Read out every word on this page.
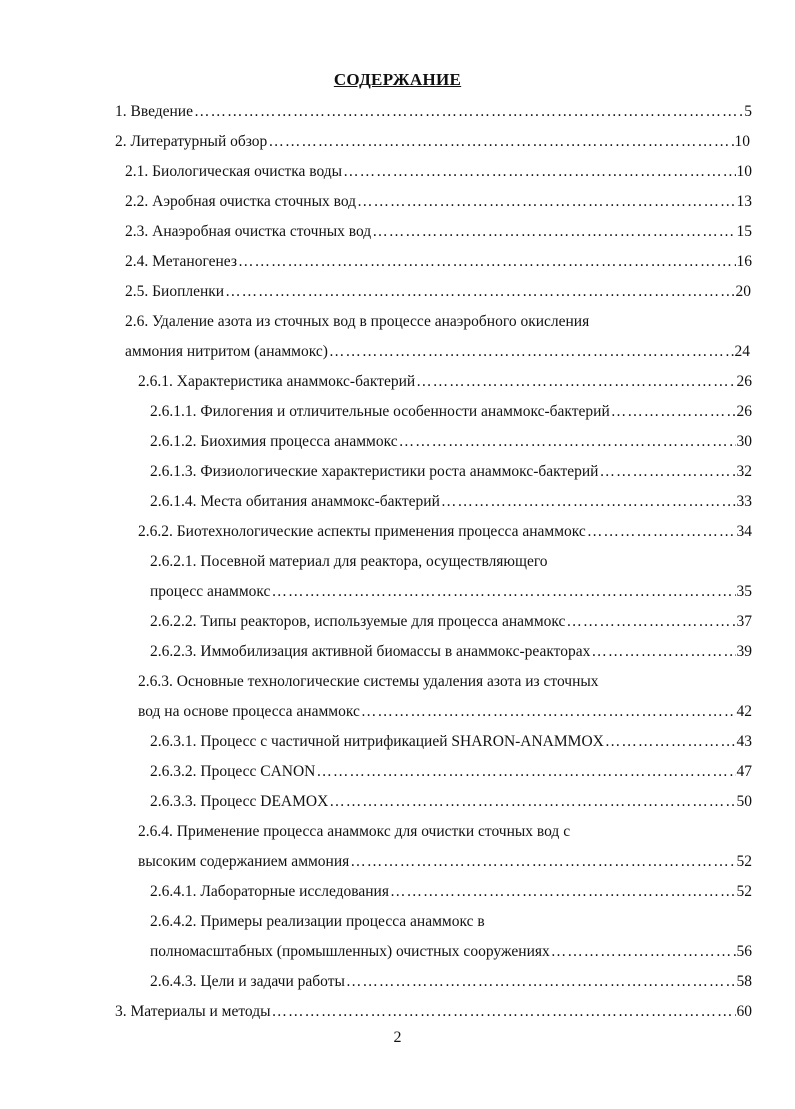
СОДЕРЖАНИЕ
1. Введение ……………………………………………………………………………………………………………………………………………………………………………………………………	5
2. Литературный обзор ……………………………………………………………………………………………………………………………………………………………………………………………………	10
2.1. Биологическая очистка воды ……………………………………………………………………………………………………………………………………………………………………………………………………	10
2.2. Аэробная очистка сточных вод ……………………………………………………………………………………………………………………………………………………………………………………………………	13
2.3. Анаэробная очистка сточных вод ……………………………………………………………………………………………………………………………………………………………………………………………………	15
2.4. Метаногенез ……………………………………………………………………………………………………………………………………………………………………………………………………	16
2.5. Биопленки ……………………………………………………………………………………………………………………………………………………………………………………………………	20
2.6. Удаление азота из сточных вод в процессе анаэробного окисления
аммония нитритом (анаммокс) ……………………………………………………………………………………………………………………………………………………………………………………………………	24
2.6.1. Характеристика анаммокс-бактерий ……………………………………………………………………………………………………………………………………………………………………………………………………	26
2.6.1.1. Филогения и отличительные особенности анаммокс-бактерий ……………………………………………………………………………………………………………………………………………………………………………………………………	26
2.6.1.2. Биохимия процесса анаммокс ……………………………………………………………………………………………………………………………………………………………………………………………………	30
2.6.1.3. Физиологические характеристики роста анаммокс-бактерий ……………………………………………………………………………………………………………………………………………………………………………………………………	32
2.6.1.4. Места обитания анаммокс-бактерий ……………………………………………………………………………………………………………………………………………………………………………………………………	33
2.6.2. Биотехнологические аспекты применения процесса анаммокс ……………………………………………………………………………………………………………………………………………………………………………………………………	34
2.6.2.1. Посевной материал для реактора, осуществляющего
процесс анаммокс ……………………………………………………………………………………………………………………………………………………………………………………………………	35
2.6.2.2. Типы реакторов, используемые для процесса анаммокс ……………………………………………………………………………………………………………………………………………………………………………………………………	37
2.6.2.3. Иммобилизация активной биомассы в анаммокс-реакторах ……………………………………………………………………………………………………………………………………………………………………………………………………	39
2.6.3. Основные технологические системы удаления азота из сточных
вод на основе процесса анаммокс ……………………………………………………………………………………………………………………………………………………………………………………………………	42
2.6.3.1. Процесс с частичной нитрификацией SHARON-ANAMMOX ……………………………………………………………………………………………………………………………………………………………………………………………………	43
2.6.3.2. Процесс CANON ……………………………………………………………………………………………………………………………………………………………………………………………………	47
2.6.3.3. Процесс DEAMOX ……………………………………………………………………………………………………………………………………………………………………………………………………	50
2.6.4. Применение процесса анаммокс для очистки сточных вод с
высоким содержанием аммония ……………………………………………………………………………………………………………………………………………………………………………………………………	52
2.6.4.1. Лабораторные исследования ……………………………………………………………………………………………………………………………………………………………………………………………………	52
2.6.4.2. Примеры реализации процесса анаммокс в
полномасштабных (промышленных) очистных сооружениях ……………………………………………………………………………………………………………………………………………………………………………………………………	56
2.6.4.3. Цели и задачи работы ……………………………………………………………………………………………………………………………………………………………………………………………………	58
3. Материалы и методы ……………………………………………………………………………………………………………………………………………………………………………………………………	60
2
